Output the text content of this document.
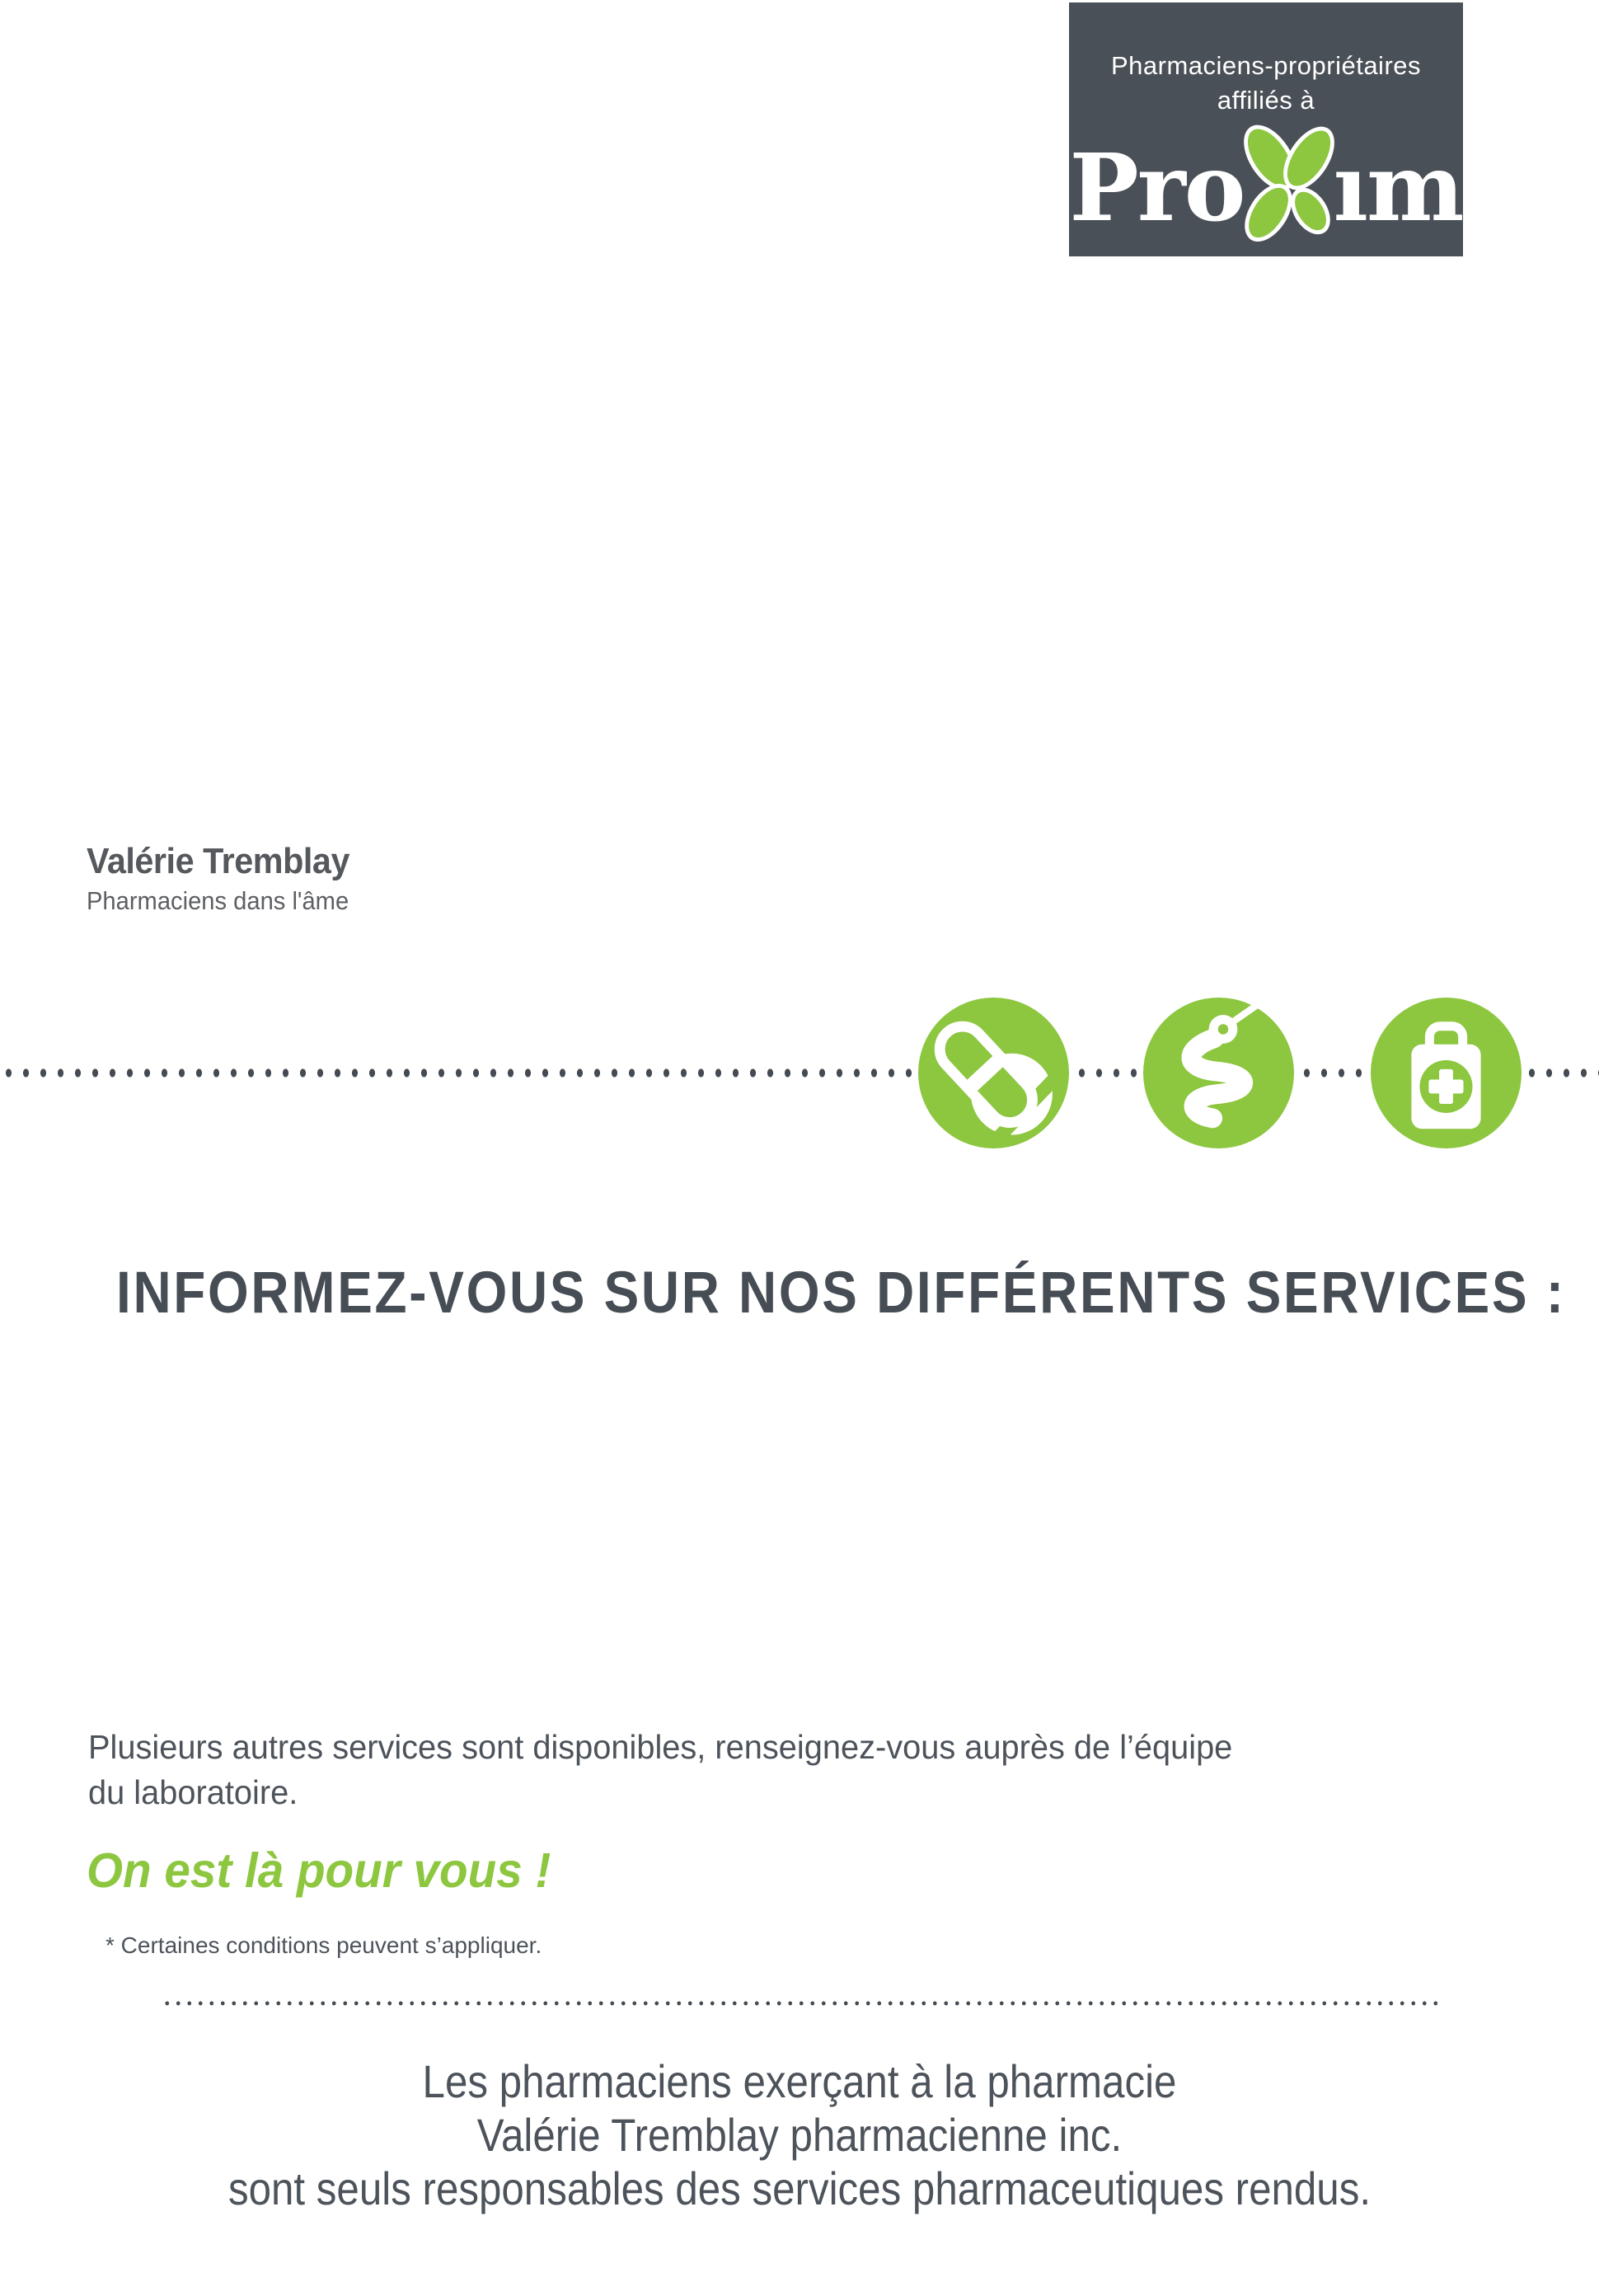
Pharmaciens-propriétaires
affiliés à
Pro ım
Valérie Tremblay
Pharmaciens dans l'âme
INFORMEZ-VOUS SUR NOS DIFFÉRENTS SERVICES :
Plusieurs autres services sont disponibles, renseignez-vous auprès de l’équipe
du laboratoire.
On est là pour vous !
* Certaines conditions peuvent s’appliquer.
Les pharmaciens exerçant à la pharmacie
Valérie Tremblay pharmacienne inc.
sont seuls responsables des services pharmaceutiques rendus.
